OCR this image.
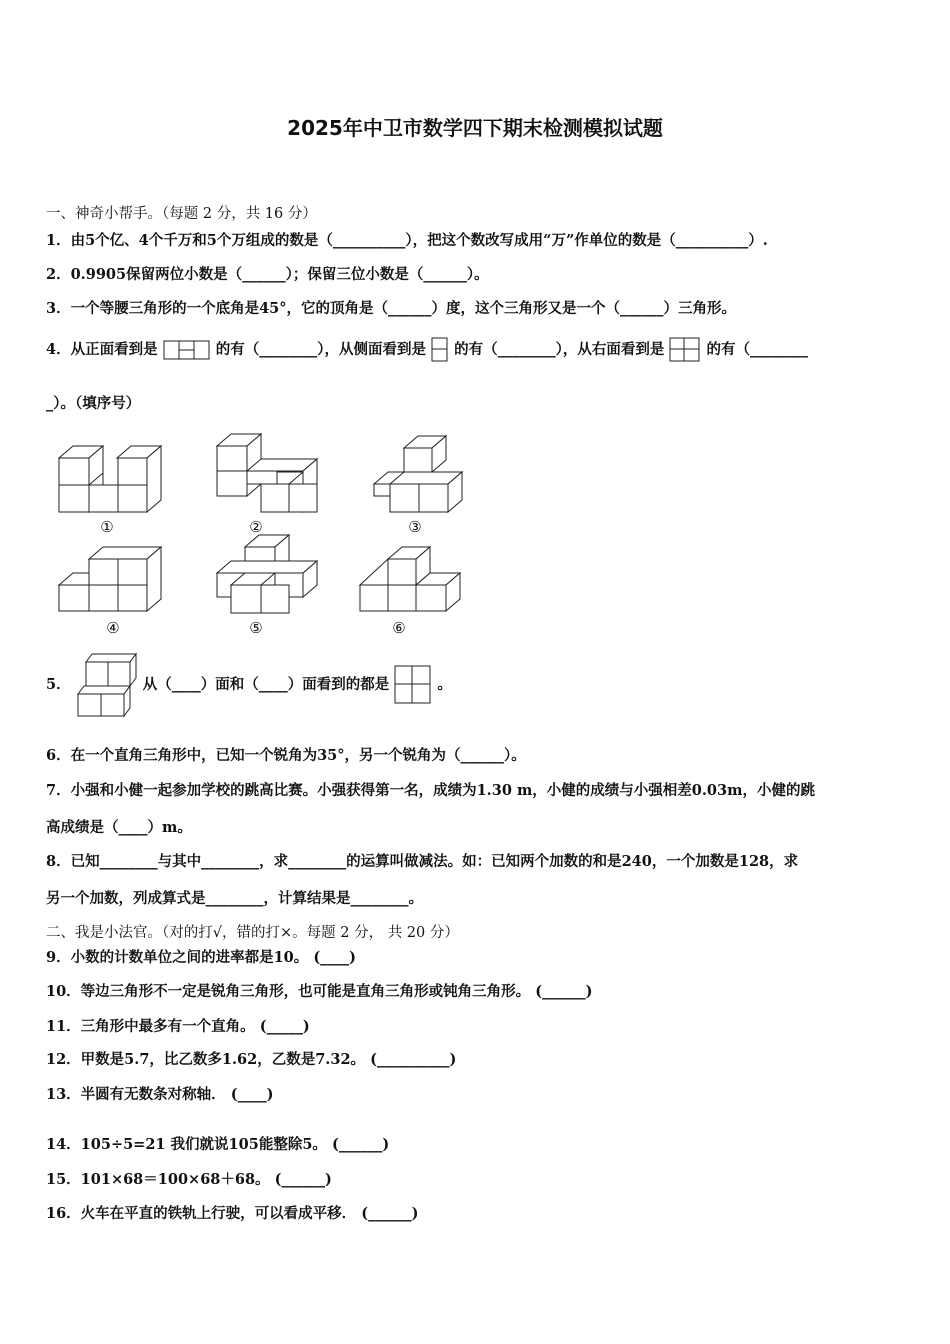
2025年中卫市数学四下期末检测模拟试题
一、神奇小帮手。（每题 2 分，共 16 分）
1．由5个亿、4个千万和5个万组成的数是（__________），把这个数改写成用“万”作单位的数是（__________）.
2．0.9905保留两位小数是（______）；保留三位小数是（______）。
3．一个等腰三角形的一个底角是45°，它的顶角是（______）度，这个三角形又是一个（______）三角形。
4．从正面看到是	的有（________），从侧面看到是 的有（________），从右面看到是	的有（________
_）。（填序号）
①	②	③
④	⑤	⑥
5．	从（____）面和（____）面看到的都是	。
6．在一个直角三角形中，已知一个锐角为35°，另一个锐角为（______）。
7．小强和小健一起参加学校的跳高比赛。小强获得第一名，成绩为1.30 m，小健的成绩与小强相差0.03m，小健的跳
高成绩是（____）m。
8．已知________与其中________，求________的运算叫做减法。如：已知两个加数的和是240，一个加数是128，求
另一个加数，列成算式是________，计算结果是________。
二、我是小法官。（对的打√，错的打×。每题 2 分， 共 20 分）
9．小数的计数单位之间的进率都是10。 (____)
10．等边三角形不一定是锐角三角形，也可能是直角三角形或钝角三角形。 (______)
11．三角形中最多有一个直角。 (_____)
12．甲数是5.7，比乙数多1.62，乙数是7.32。 (__________)
13．半圆有无数条对称轴． (____)
14．105÷5=21 我们就说105能整除5。 (______)
15．101×68＝100×68＋68。 (______)
16．火车在平直的铁轨上行驶，可以看成平移． (______)
